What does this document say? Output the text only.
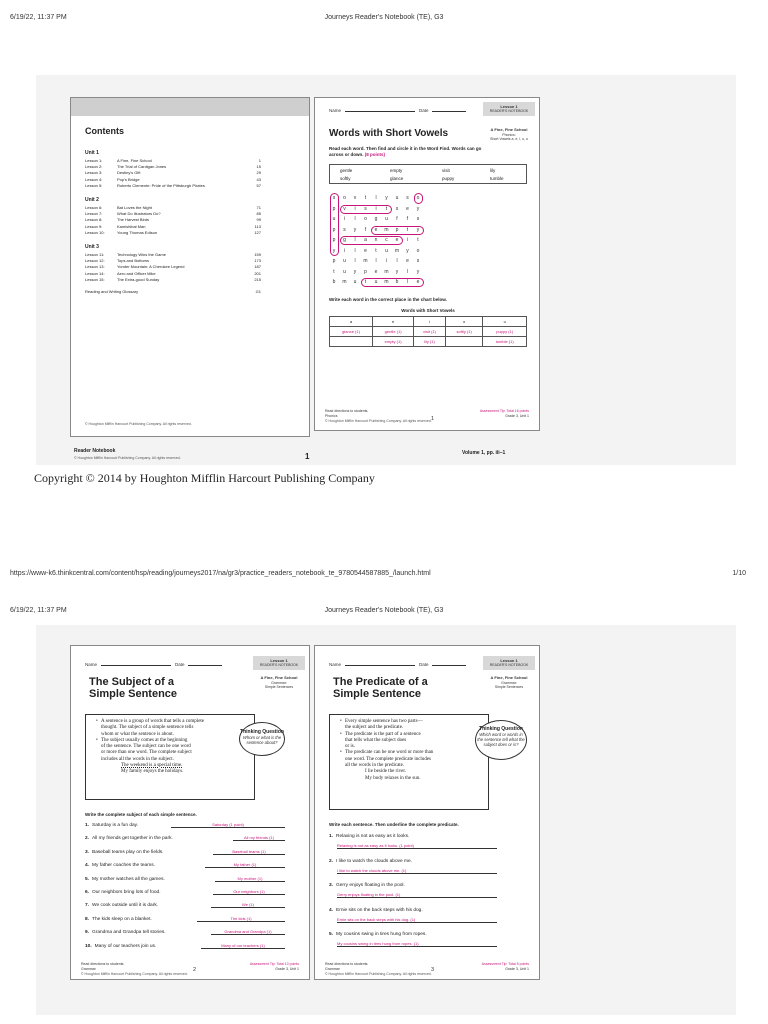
6/19/22, 11:37 PM	Journeys Reader's Notebook (TE), G3
Contents
Unit 1
Lesson 1:	A Fine, Fine School	1
Lesson 2:	The Trial of Cardigan Jones	15
Lesson 3:	Destiny's Gift	29
Lesson 4:	Pop's Bridge	43
Lesson 5:	Roberto Clemente: Pride of the Pittsburgh Pirates	57
Unit 2
Lesson 6:	Bat Loves the Night	71
Lesson 7:	What Do Illustrators Do?	85
Lesson 8:	The Harvest Birds	99
Lesson 9:	Kamishibai Man	113
Lesson 10:	Young Thomas Edison	127
Unit 3
Lesson 11:	Technology Wins the Game	159
Lesson 12:	Tops and Bottoms	173
Lesson 13:	Yonder Mountain: A Cherokee Legend	187
Lesson 14:	Aero and Officer Mike	201
Lesson 15:	The Extra-good Sunday	215
Reading and Writing Glossary	G1
© Houghton Mifflin Harcourt Publishing Company. All rights reserved.
Name	Date
Lesson 1
READER'S NOTEBOOK
Words with Short Vowels	A Fine, Fine School
Phonics:
Short Vowels a, e, i, o, u
Read each word. Then find and circle it in the Word Find. Words can go across or down. (8 points)
gentle	empty	visit	lily
softly	glance	puppy	tumble
s	o	v	t	l	y	u	s	o
p	v	i	s	i	t	s	e	y
u	i	l	o	g	u	f	f	s
p	s	y	f	e	m	p	t	y
p	g	l	a	n	c	e	i	t
y	i	l	e	t	u	m	y	o
p	u	l	m	l	i	l	e	s
t	u	y	p	e	m	y	l	y
b	m	u	t	u	m	b	l	e
Write each word in the correct place in the chart below.
Words with Short Vowels
a	e	i	o	u
glance (1)	gentle (1)	visit (1)	softly (1)	puppy (1)
	empty (1)	lily (1)		tumble (1)
Read directions to students.
Phonics
© Houghton Mifflin Harcourt Publishing Company. All rights reserved. 1
Assessment Tip: Total 16 points
Grade 3, Unit 1
Reader Notebook
© Houghton Mifflin Harcourt Publishing Company. All rights reserved.	1	Volume 1, pp. iii–1
Copyright © 2014 by Houghton Mifflin Harcourt Publishing Company
https://www-k6.thinkcentral.com/content/hsp/reading/journeys2017/na/gr3/practice_readers_notebook_te_9780544587885_/launch.html	1/10
6/19/22, 11:37 PM	Journeys Reader's Notebook (TE), G3
Name	Date
Lesson 1
READER'S NOTEBOOK
The Subject of a
Simple Sentence
A Fine, Fine School
Grammar:
Simple Sentences
• A sentence is a group of words that tells a complete
thought. The subject of a simple sentence tells
whom or what the sentence is about.
• The subject usually comes at the beginning
of the sentence. The subject can be one word
or more than one word. The complete subject
includes all the words in the subject.
The weekend is a special time.
My family enjoys the holidays.
Thinking Question
Whom or what is the sentence about?
Write the complete subject of each simple sentence.
1. Saturday is a fun day.	Saturday (1 point)
2. All my friends get together in the park.	All my friends (1)
3. Baseball teams play on the fields.	Baseball teams (1)
4. My father coaches the teams.	My father (1)
5. My mother watches all the games.	My mother (1)
6. Our neighbors bring lots of food.	Our neighbors (1)
7. We cook outside until it is dark.	We (1)
8. The kids sleep on a blanket.	The kids (1)
9. Grandma and Grandpa tell stories.	Grandma and Grandpa (1)
10. Many of our teachers join us.	Many of our teachers (1)
Read directions to students.
Grammar
© Houghton Mifflin Harcourt Publishing Company. All rights reserved.
2
Assessment Tip: Total 10 points
Grade 3, Unit 1
Name	Date
Lesson 1
READER'S NOTEBOOK
The Predicate of a
Simple Sentence
A Fine, Fine School
Grammar:
Simple Sentences
• Every simple sentence has two parts—
the subject and the predicate.
• The predicate is the part of a sentence
that tells what the subject does
or is.
• The predicate can be one word or more than
one word. The complete predicate includes
all the words in the predicate.
I lie beside the river.
My body relaxes in the sun.
Thinking Question
Which word or words in the sentence tell what the subject does or is?
Write each sentence. Then underline the complete predicate.
1. Relaxing is not as easy as it looks.
Relaxing is not as easy as it looks. (1 point)
2. I like to watch the clouds above me.
I like to watch the clouds above me. (1)
3. Gerry enjoys floating in the pool.
Gerry enjoys floating in the pool. (1)
4. Ernie sits on the back steps with his dog.
Ernie sits on the back steps with his dog. (1)
5. My cousins swing in tires hung from ropes.
My cousins swing in tires hung from ropes. (1)
Read directions to students.
Grammar
© Houghton Mifflin Harcourt Publishing Company. All rights reserved.
3
Assessment Tip: Total 5 points
Grade 3, Unit 1
